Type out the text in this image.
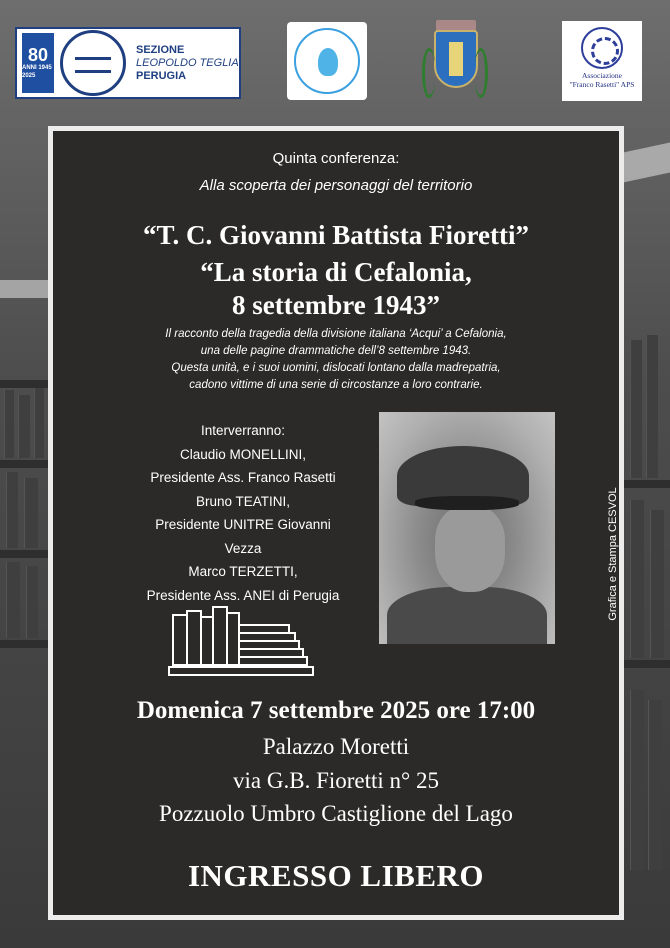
80
ANNI 1945 2025
SEZIONE
LEOPOLDO TEGLIA
PERUGIA	Associazione
"Franco Rasetti" APS
Quinta conferenza:
Alla scoperta dei personaggi del territorio
“T. C. Giovanni Battista Fioretti”
“La storia di Cefalonia,
8 settembre 1943”
Il racconto della tragedia della divisione italiana ‘Acqui’ a Cefalonia,
una delle pagine drammatiche dell’8 settembre 1943.
Questa unità, e i suoi uomini, dislocati lontano dalla madrepatria,
cadono vittime di una serie di circostanze a loro contrarie.
Interverranno:
Claudio MONELLINI,
Presidente Ass. Franco Rasetti
Bruno TEATINI,
Presidente UNITRE Giovanni
Vezza
Marco TERZETTI,
Presidente Ass. ANEI di Perugia
Domenica 7 settembre 2025 ore 17:00
Palazzo Moretti
via G.B. Fioretti n° 25
Pozzuolo Umbro Castiglione del Lago
INGRESSO LIBERO
Grafica e Stampa CESVOL
